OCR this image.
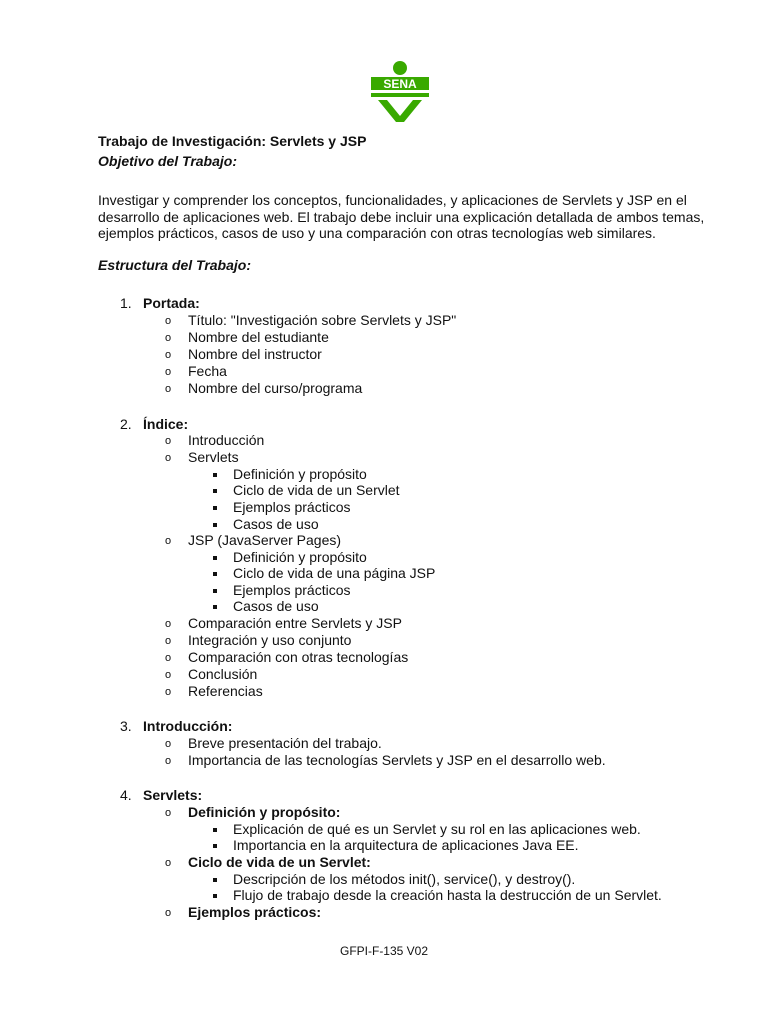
SENA
Trabajo de Investigación: Servlets y JSP
Objetivo del Trabajo:
Investigar y comprender los conceptos, funcionalidades, y aplicaciones de Servlets y JSP en el
desarrollo de aplicaciones web. El trabajo debe incluir una explicación detallada de ambos temas,
ejemplos prácticos, casos de uso y una comparación con otras tecnologías web similares.
Estructura del Trabajo:
1. Portada:
o Título: "Investigación sobre Servlets y JSP"
o Nombre del estudiante
o Nombre del instructor
o Fecha
o Nombre del curso/programa
2. Índice:
o Introducción
o Servlets
Definición y propósito
Ciclo de vida de un Servlet
Ejemplos prácticos
Casos de uso
o JSP (JavaServer Pages)
Definición y propósito
Ciclo de vida de una página JSP
Ejemplos prácticos
Casos de uso
o Comparación entre Servlets y JSP
o Integración y uso conjunto
o Comparación con otras tecnologías
o Conclusión
o Referencias
3. Introducción:
o Breve presentación del trabajo.
o Importancia de las tecnologías Servlets y JSP en el desarrollo web.
4. Servlets:
o Definición y propósito:
Explicación de qué es un Servlet y su rol en las aplicaciones web.
Importancia en la arquitectura de aplicaciones Java EE.
o Ciclo de vida de un Servlet:
Descripción de los métodos init(), service(), y destroy().
Flujo de trabajo desde la creación hasta la destrucción de un Servlet.
o Ejemplos prácticos:
GFPI-F-135 V02
